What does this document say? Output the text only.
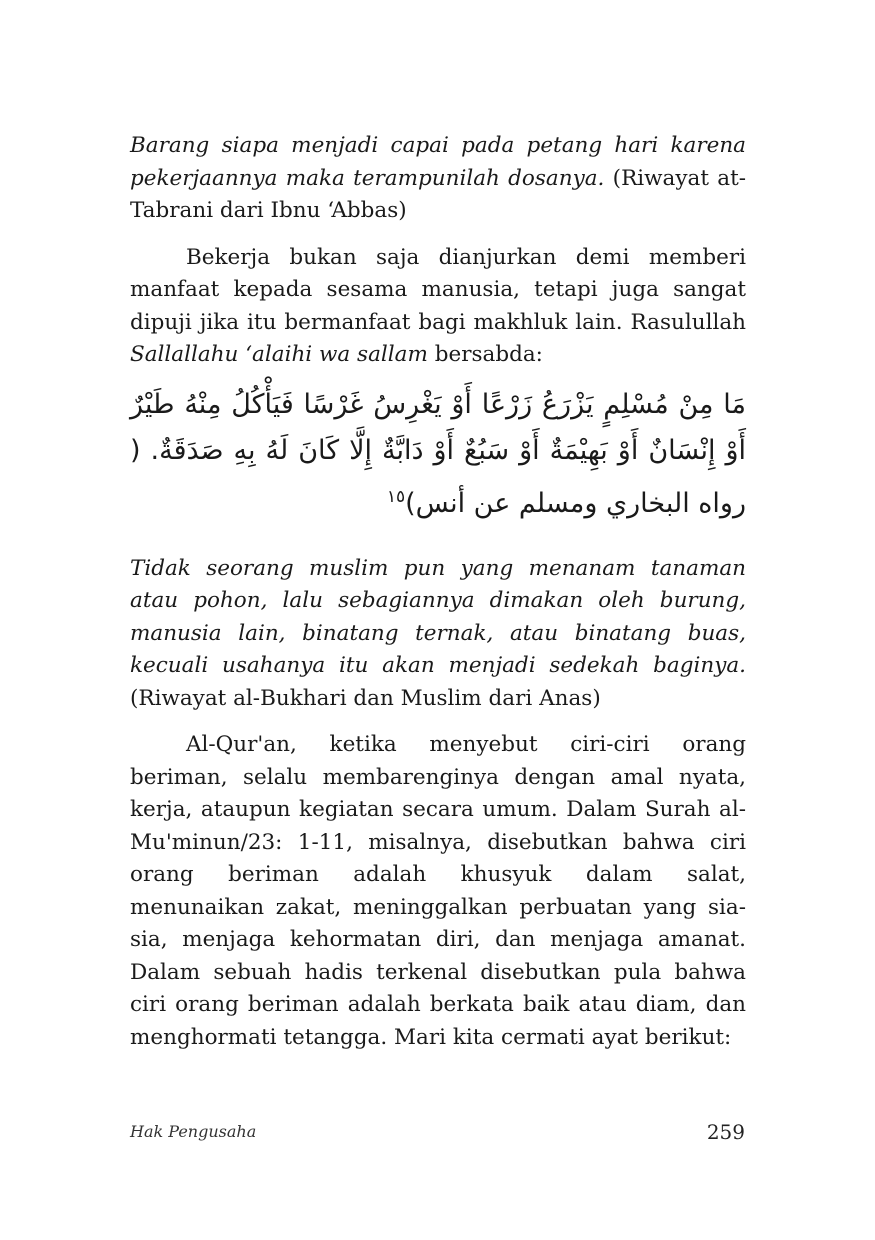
Barang siapa menjadi capai pada petang hari karena pekerjaannya maka terampunilah dosanya. (Riwayat at-Tabrani dari Ibnu ‘Abbas)

Bekerja bukan saja dianjurkan demi memberi manfaat kepada sesama manusia, tetapi juga sangat dipuji jika itu bermanfaat bagi makhluk lain. Rasulullah Sallallahu ‘alaihi wa sallam bersabda:

مَا مِنْ مُسْلِمٍ يَزْرَعُ زَرْعًا أَوْ يَغْرِسُ غَرْسًا فَيَأْكُلُ مِنْهُ طَيْرٌ أَوْ إِنْسَانٌ أَوْ بَهِيْمَةٌ أَوْ سَبُعٌ أَوْ دَابَّةٌ إِلَّا كَانَ لَهُ بِهِ صَدَقَةٌ. ( رواه البخاري ومسلم عن أنس)$^{١٥}$

Tidak seorang muslim pun yang menanam tanaman atau pohon, lalu sebagiannya dimakan oleh burung, manusia lain, binatang ternak, atau binatang buas, kecuali usahanya itu akan menjadi sedekah baginya. (Riwayat al-Bukhari dan Muslim dari Anas)

Al-Qur'an, ketika menyebut ciri-ciri orang beriman, selalu membarenginya dengan amal nyata, kerja, ataupun kegiatan secara umum. Dalam Surah al-Mu'minun/23: 1-11, misalnya, disebutkan bahwa ciri orang beriman adalah khusyuk dalam salat, menunaikan zakat, meninggalkan perbuatan yang sia-sia, menjaga kehormatan diri, dan menjaga amanat. Dalam sebuah hadis terkenal disebutkan pula bahwa ciri orang beriman adalah berkata baik atau diam, dan menghormati tetangga. Mari kita cermati ayat berikut:

Hak Pengusaha	259
